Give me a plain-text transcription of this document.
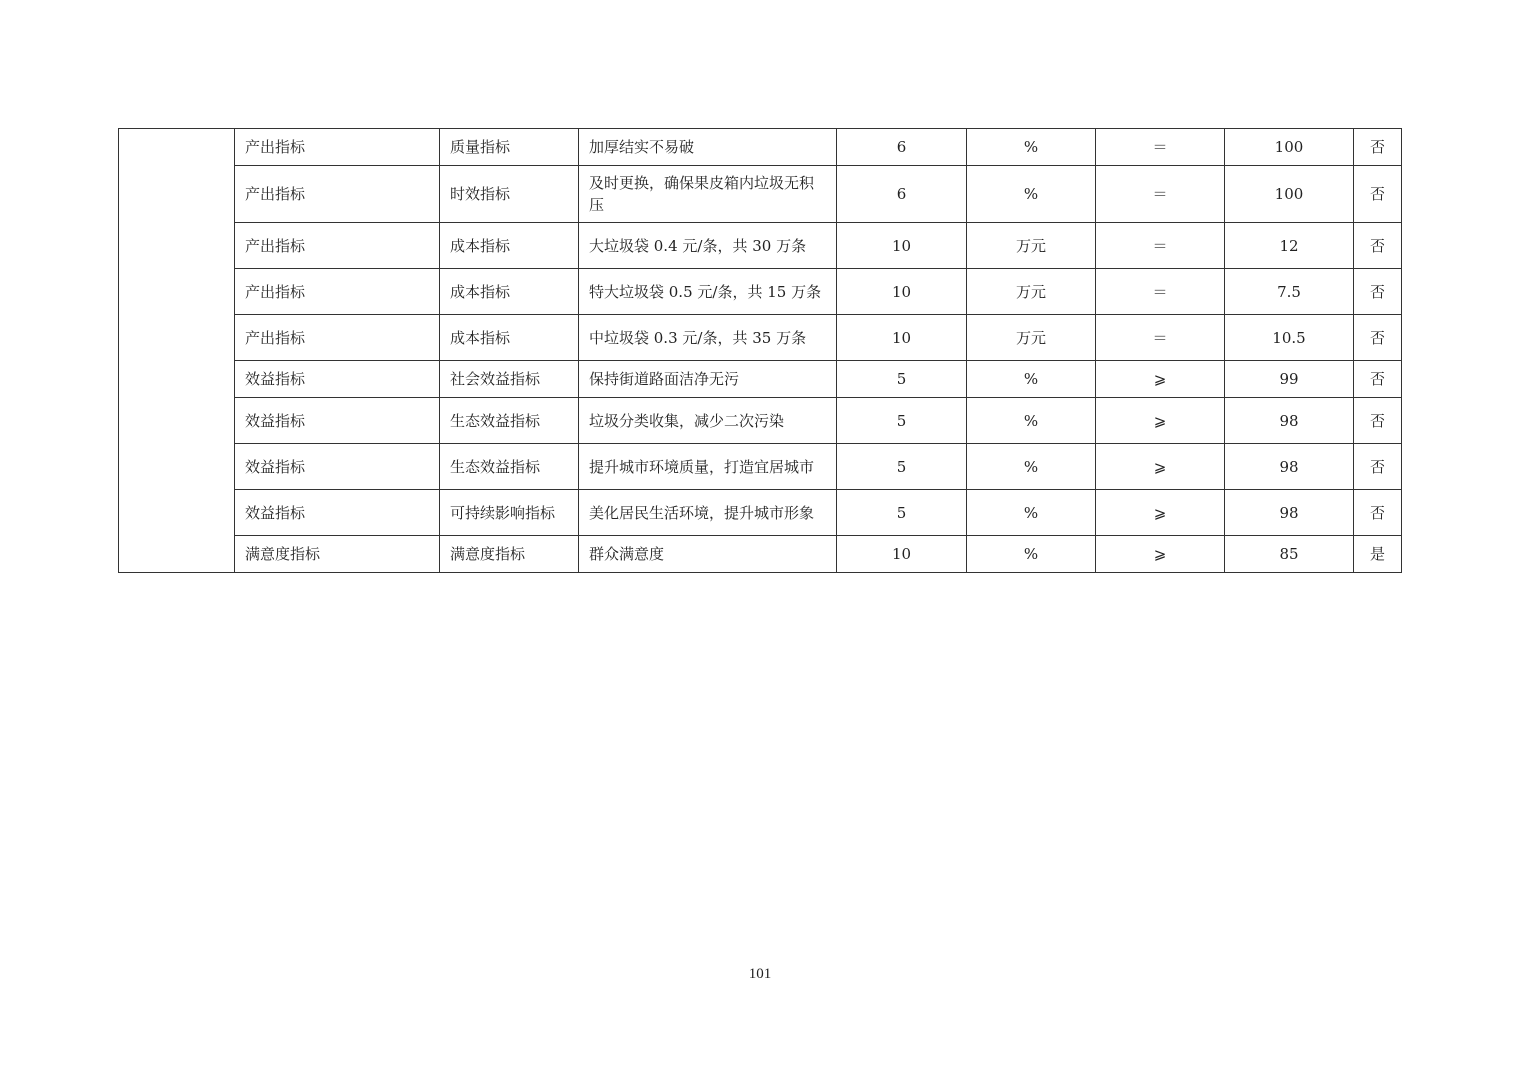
	产出指标	质量指标	加厚结实不易破	6	%	＝	100	否
	产出指标	时效指标	及时更换，确保果皮箱内垃圾无积压	6	%	＝	100	否
	产出指标	成本指标	大垃圾袋 0.4 元/条，共 30 万条	10	万元	＝	12	否
	产出指标	成本指标	特大垃圾袋 0.5 元/条，共 15 万条	10	万元	＝	7.5	否
	产出指标	成本指标	中垃圾袋 0.3 元/条，共 35 万条	10	万元	＝	10.5	否
	效益指标	社会效益指标	保持街道路面洁净无污	5	%	⩾	99	否
	效益指标	生态效益指标	垃圾分类收集，减少二次污染	5	%	⩾	98	否
	效益指标	生态效益指标	提升城市环境质量，打造宜居城市	5	%	⩾	98	否
	效益指标	可持续影响指标	美化居民生活环境，提升城市形象	5	%	⩾	98	否
	满意度指标	满意度指标	群众满意度	10	%	⩾	85	是
101
